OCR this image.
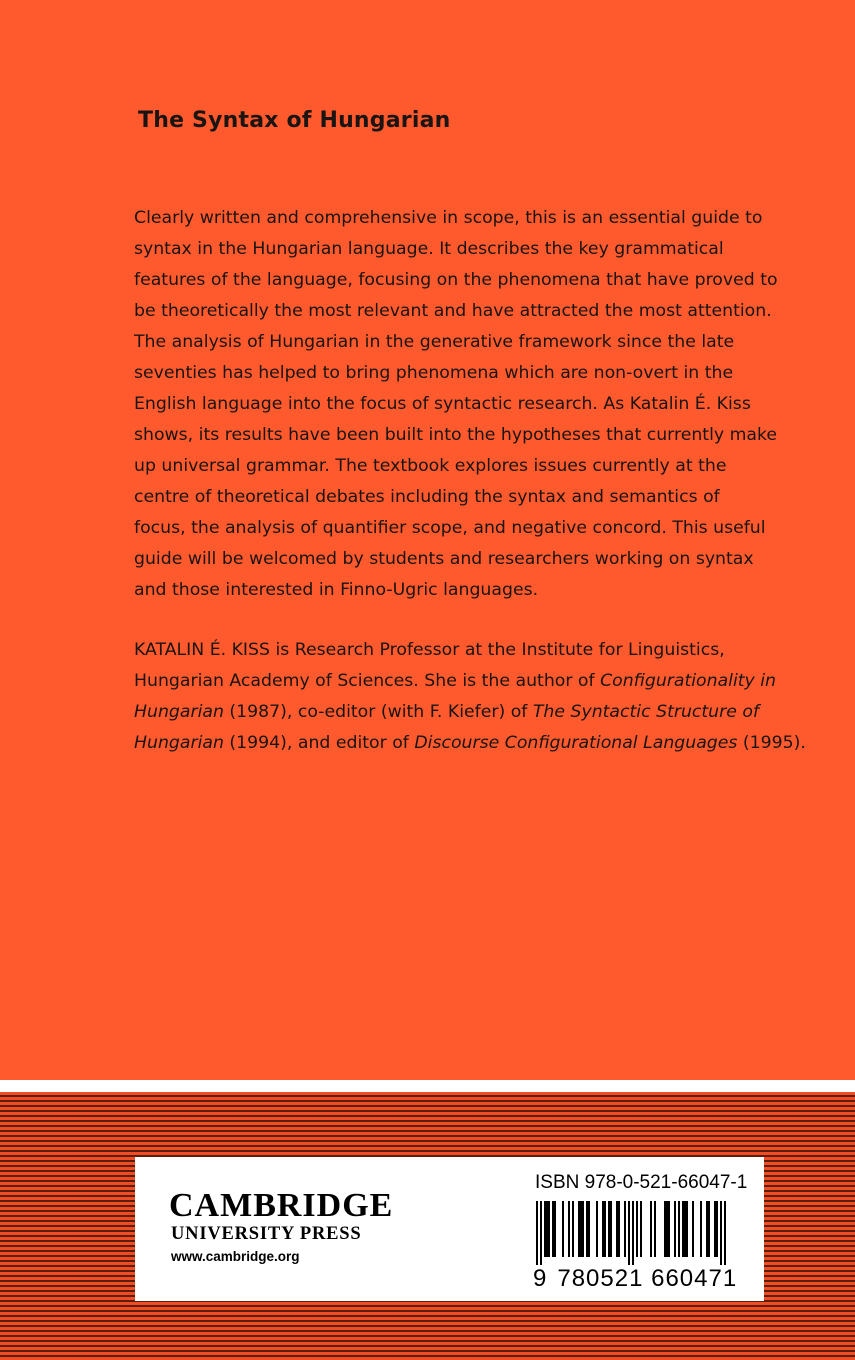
The Syntax of Hungarian
Clearly written and comprehensive in scope, this is an essential guide to
syntax in the Hungarian language. It describes the key grammatical
features of the language, focusing on the phenomena that have proved to
be theoretically the most relevant and have attracted the most attention.
The analysis of Hungarian in the generative framework since the late
seventies has helped to bring phenomena which are non-overt in the
English language into the focus of syntactic research. As Katalin É. Kiss
shows, its results have been built into the hypotheses that currently make
up universal grammar. The textbook explores issues currently at the
centre of theoretical debates including the syntax and semantics of
focus, the analysis of quantifier scope, and negative concord. This useful
guide will be welcomed by students and researchers working on syntax
and those interested in Finno-Ugric languages.
KATALIN É. KISS is Research Professor at the Institute for Linguistics,
Hungarian Academy of Sciences. She is the author of Configurationality in
Hungarian (1987), co-editor (with F. Kiefer) of The Syntactic Structure of
Hungarian (1994), and editor of Discourse Configurational Languages (1995).
CAMBRIDGE
UNIVERSITY PRESS
www.cambridge.org
ISBN 978-0-521-66047-1
9 780521 660471
